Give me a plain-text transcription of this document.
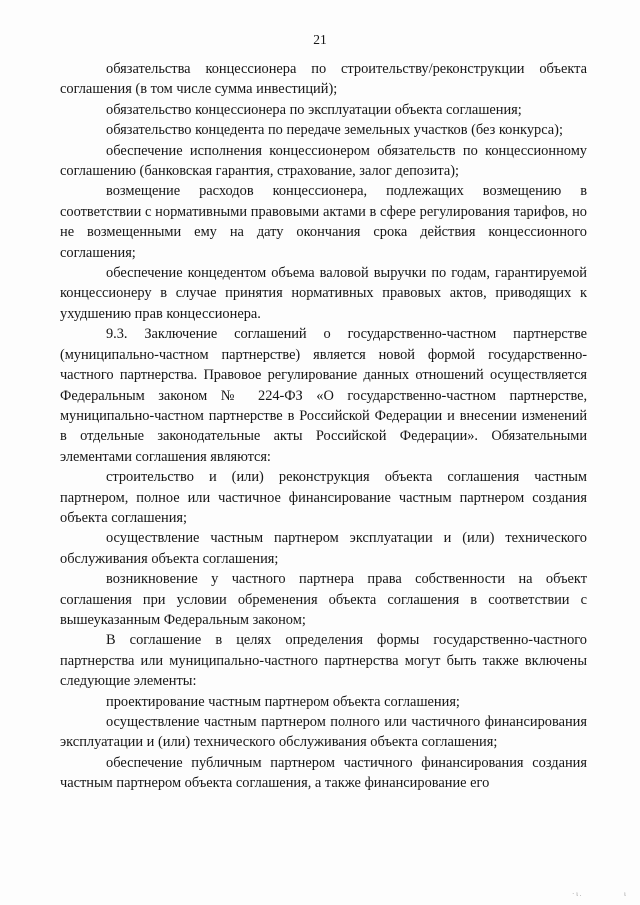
21

обязательства концессионера по строительству/реконструкции объекта соглашения (в том числе сумма инвестиций);

обязательство концессионера по эксплуатации объекта соглашения;

обязательство концедента по передаче земельных участков (без конкурса);

обеспечение исполнения концессионером обязательств по концессионному соглашению (банковская гарантия, страхование, залог депозита);

возмещение расходов концессионера, подлежащих возмещению в соответствии с нормативными правовыми актами в сфере регулирования тарифов, но не возмещенными ему на дату окончания срока действия концессионного соглашения;

обеспечение концедентом объема валовой выручки по годам, гарантируемой концессионеру в случае принятия нормативных правовых актов, приводящих к ухудшению прав концессионера.

9.3. Заключение соглашений о государственно-частном партнерстве (муниципально-частном партнерстве) является новой формой государственно-частного партнерства. Правовое регулирование данных отношений осуществляется Федеральным законом № 224-ФЗ «О государственно-частном партнерстве, муниципально-частном партнерстве в Российской Федерации и внесении изменений в отдельные законодательные акты Российской Федерации». Обязательными элементами соглашения являются:

строительство и (или) реконструкция объекта соглашения частным партнером, полное или частичное финансирование частным партнером создания объекта соглашения;

осуществление частным партнером эксплуатации и (или) технического обслуживания объекта соглашения;

возникновение у частного партнера права собственности на объект соглашения при условии обременения объекта соглашения в соответствии с вышеуказанным Федеральным законом;

В соглашение в целях определения формы государственно-частного партнерства или муниципально-частного партнерства могут быть также включены следующие элементы:

проектирование частным партнером объекта соглашения;

осуществление частным партнером полного или частичного финансирования эксплуатации и (или) технического обслуживания объекта соглашения;

обеспечение публичным партнером частичного финансирования создания частным партнером объекта соглашения, а также финансирование его

· ι .	ι
